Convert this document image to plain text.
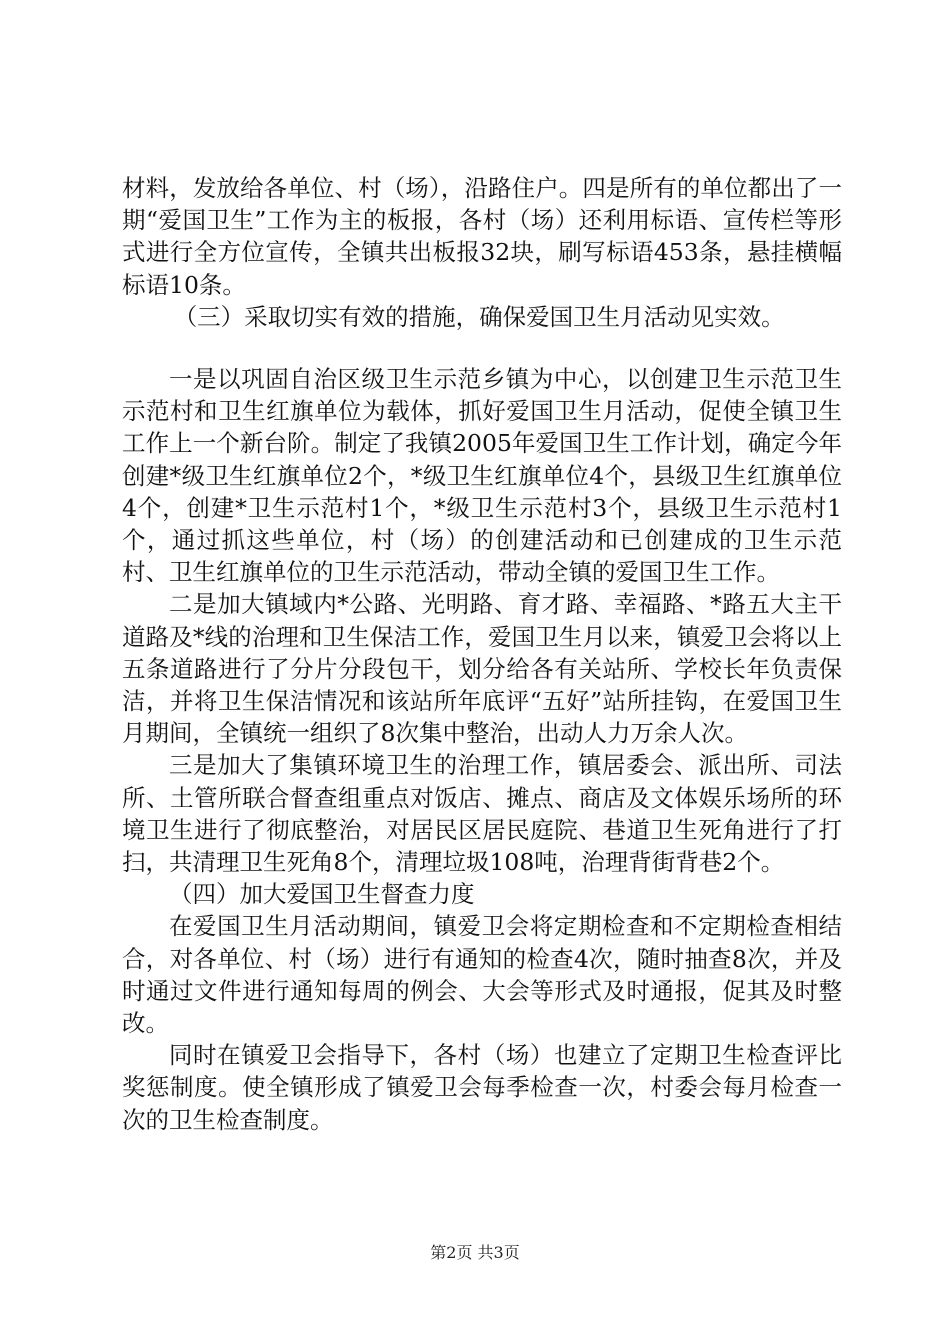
材料，发放给各单位、村（场），沿路住户。四是所有的单位都出了一期“爱国卫生”工作为主的板报，各村（场）还利用标语、宣传栏等形式进行全方位宣传，全镇共出板报32块，刷写标语453条，悬挂横幅标语10条。

（三）采取切实有效的措施，确保爱国卫生月活动见实效。

一是以巩固自治区级卫生示范乡镇为中心，以创建卫生示范卫生示范村和卫生红旗单位为载体，抓好爱国卫生月活动，促使全镇卫生工作上一个新台阶。制定了我镇2005年爱国卫生工作计划，确定今年创建*级卫生红旗单位2个，*级卫生红旗单位4个，县级卫生红旗单位4个，创建*卫生示范村1个，*级卫生示范村3个，县级卫生示范村1个，通过抓这些单位，村（场）的创建活动和已创建成的卫生示范村、卫生红旗单位的卫生示范活动，带动全镇的爱国卫生工作。

二是加大镇域内*公路、光明路、育才路、幸福路、*路五大主干道路及*线的治理和卫生保洁工作，爱国卫生月以来，镇爱卫会将以上五条道路进行了分片分段包干，划分给各有关站所、学校长年负责保洁，并将卫生保洁情况和该站所年底评“五好”站所挂钩，在爱国卫生月期间，全镇统一组织了8次集中整治，出动人力万余人次。

三是加大了集镇环境卫生的治理工作，镇居委会、派出所、司法所、土管所联合督查组重点对饭店、摊点、商店及文体娱乐场所的环境卫生进行了彻底整治，对居民区居民庭院、巷道卫生死角进行了打扫，共清理卫生死角8个，清理垃圾108吨，治理背街背巷2个。

（四）加大爱国卫生督查力度

在爱国卫生月活动期间，镇爱卫会将定期检查和不定期检查相结合，对各单位、村（场）进行有通知的检查4次，随时抽查8次，并及时通过文件进行通知每周的例会、大会等形式及时通报，促其及时整改。

同时在镇爱卫会指导下，各村（场）也建立了定期卫生检查评比奖惩制度。使全镇形成了镇爱卫会每季检查一次，村委会每月检查一次的卫生检查制度。

第2页 共3页
